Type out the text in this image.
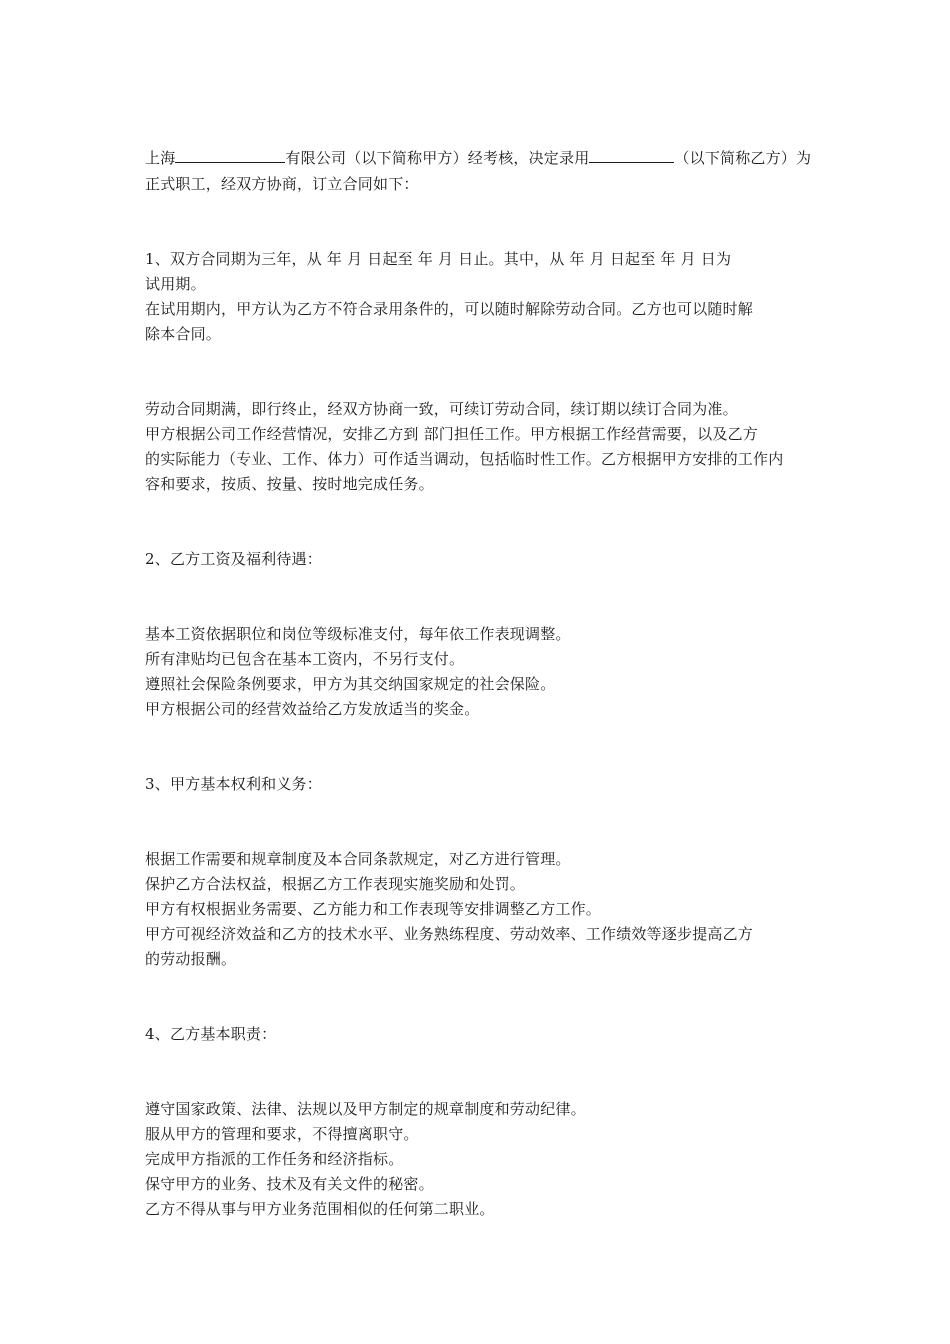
上海	有限公司（以下简称甲方）经考核，决定录用	（以下简称乙方）为
正式职工，经双方协商，订立合同如下：
1、双方合同期为三年，从 年 月 日起至 年 月 日止。其中，从 年 月 日起至 年 月 日为
试用期。
在试用期内，甲方认为乙方不符合录用条件的，可以随时解除劳动合同。乙方也可以随时解
除本合同。
劳动合同期满，即行终止，经双方协商一致，可续订劳动合同，续订期以续订合同为准。
甲方根据公司工作经营情况，安排乙方到 部门担任工作。甲方根据工作经营需要，以及乙方
的实际能力（专业、工作、体力）可作适当调动，包括临时性工作。乙方根据甲方安排的工作内
容和要求，按质、按量、按时地完成任务。
2、乙方工资及福利待遇：
基本工资依据职位和岗位等级标准支付，每年依工作表现调整。
所有津贴均已包含在基本工资内，不另行支付。
遵照社会保险条例要求，甲方为其交纳国家规定的社会保险。
甲方根据公司的经营效益给乙方发放适当的奖金。
3、甲方基本权利和义务：
根据工作需要和规章制度及本合同条款规定，对乙方进行管理。
保护乙方合法权益，根据乙方工作表现实施奖励和处罚。
甲方有权根据业务需要、乙方能力和工作表现等安排调整乙方工作。
甲方可视经济效益和乙方的技术水平、业务熟练程度、劳动效率、工作绩效等逐步提高乙方
的劳动报酬。
4、乙方基本职责：
遵守国家政策、法律、法规以及甲方制定的规章制度和劳动纪律。
服从甲方的管理和要求，不得擅离职守。
完成甲方指派的工作任务和经济指标。
保守甲方的业务、技术及有关文件的秘密。
乙方不得从事与甲方业务范围相似的任何第二职业。
